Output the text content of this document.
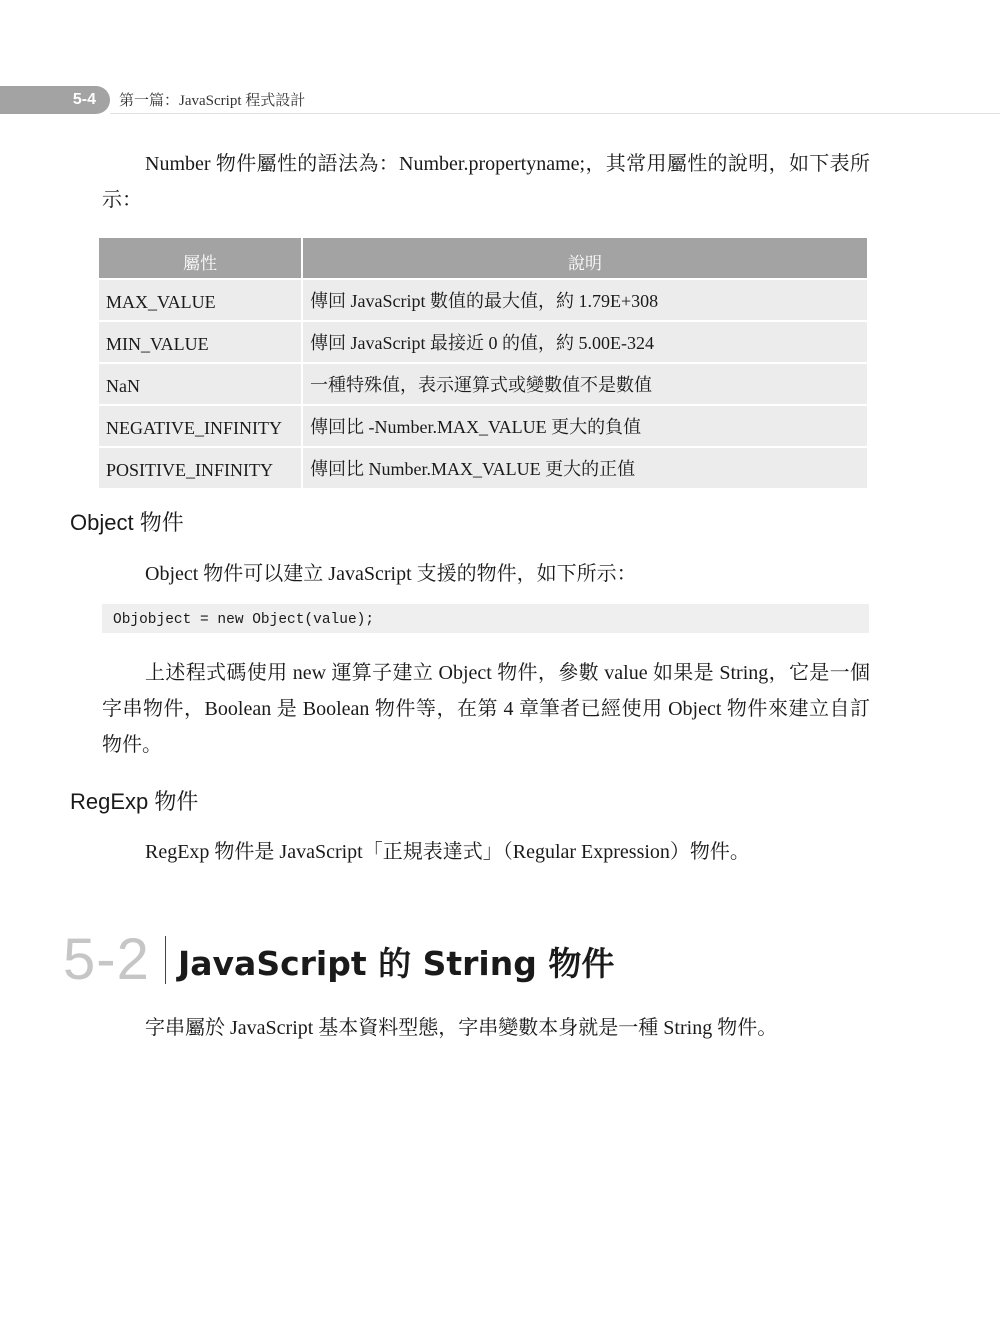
5-4 第一篇：JavaScript 程式設計

Number 物件屬性的語法為：Number.propertyname;，其常用屬性的說明，如下表所示：

屬性	說明
MAX_VALUE	傳回 JavaScript 數值的最大值，約 1.79E+308
MIN_VALUE	傳回 JavaScript 最接近 0 的值，約 5.00E-324
NaN	一種特殊值，表示運算式或變數值不是數值
NEGATIVE_INFINITY	傳回比 -Number.MAX_VALUE 更大的負值
POSITIVE_INFINITY	傳回比 Number.MAX_VALUE 更大的正值
Object 物件

Object 物件可以建立 JavaScript 支援的物件，如下所示：

Objobject = new Object(value);

上述程式碼使用 new 運算子建立 Object 物件，參數 value 如果是 String，它是一個字串物件，Boolean 是 Boolean 物件等，在第 4 章筆者已經使用 Object 物件來建立自訂物件。

RegExp 物件

RegExp 物件是 JavaScript「正規表達式」（Regular Expression）物件。

5-2 JavaScript 的 String 物件

字串屬於 JavaScript 基本資料型態，字串變數本身就是一種 String 物件。
